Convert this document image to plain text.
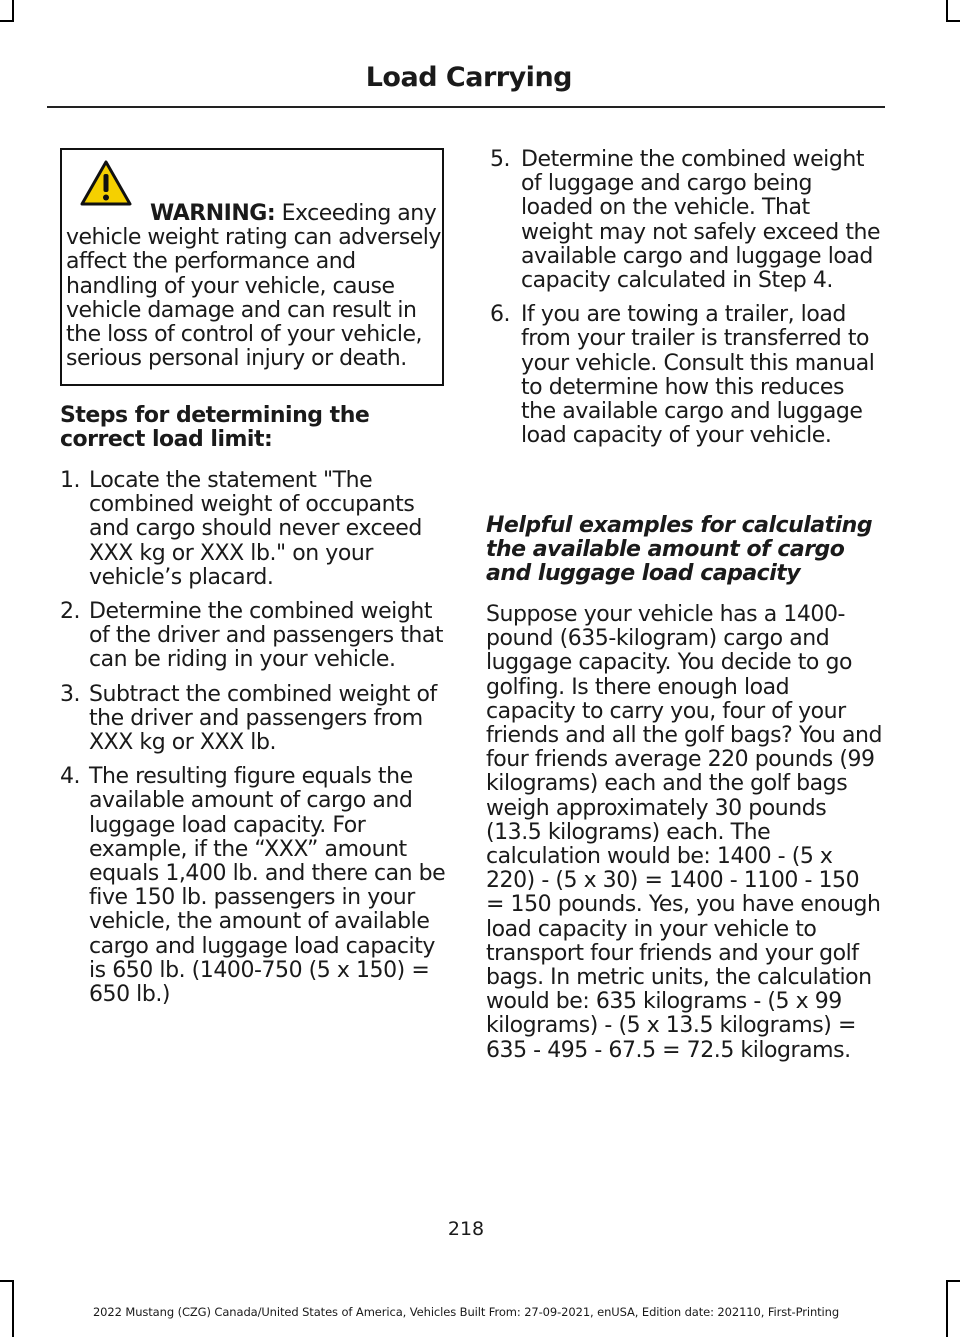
Load Carrying

WARNING: Exceeding any vehicle weight rating can adversely affect the performance and handling of your vehicle, cause vehicle damage and can result in the loss of control of your vehicle, serious personal injury or death.

Steps for determining the correct load limit:
1. Locate the statement "The combined weight of occupants and cargo should never exceed XXX kg or XXX lb." on your vehicle’s placard.
2. Determine the combined weight of the driver and passengers that can be riding in your vehicle.
3. Subtract the combined weight of the driver and passengers from XXX kg or XXX lb.
4. The resulting figure equals the available amount of cargo and luggage load capacity. For example, if the “XXX” amount equals 1,400 lb. and there can be five 150 lb. passengers in your vehicle, the amount of available cargo and luggage load capacity is 650 lb. (1400-750 (5 x 150) = 650 lb.)
5. Determine the combined weight of luggage and cargo being loaded on the vehicle. That weight may not safely exceed the available cargo and luggage load capacity calculated in Step 4.
6. If you are towing a trailer, load from your trailer is transferred to your vehicle. Consult this manual to determine how this reduces the available cargo and luggage load capacity of your vehicle.
Helpful examples for calculating the available amount of cargo and luggage load capacity

Suppose your vehicle has a 1400-pound (635-kilogram) cargo and luggage capacity. You decide to go golfing. Is there enough load capacity to carry you, four of your friends and all the golf bags? You and four friends average 220 pounds (99 kilograms) each and the golf bags weigh approximately 30 pounds (13.5 kilograms) each. The calculation would be: 1400 - (5 x 220) - (5 x 30) = 1400 - 1100 - 150 = 150 pounds. Yes, you have enough load capacity in your vehicle to transport four friends and your golf bags. In metric units, the calculation would be: 635 kilograms - (5 x 99 kilograms) - (5 x 13.5 kilograms) = 635 - 495 - 67.5 = 72.5 kilograms.

218
2022 Mustang (CZG) Canada/United States of America, Vehicles Built From: 27-09-2021, enUSA, Edition date: 202110, First-Printing
